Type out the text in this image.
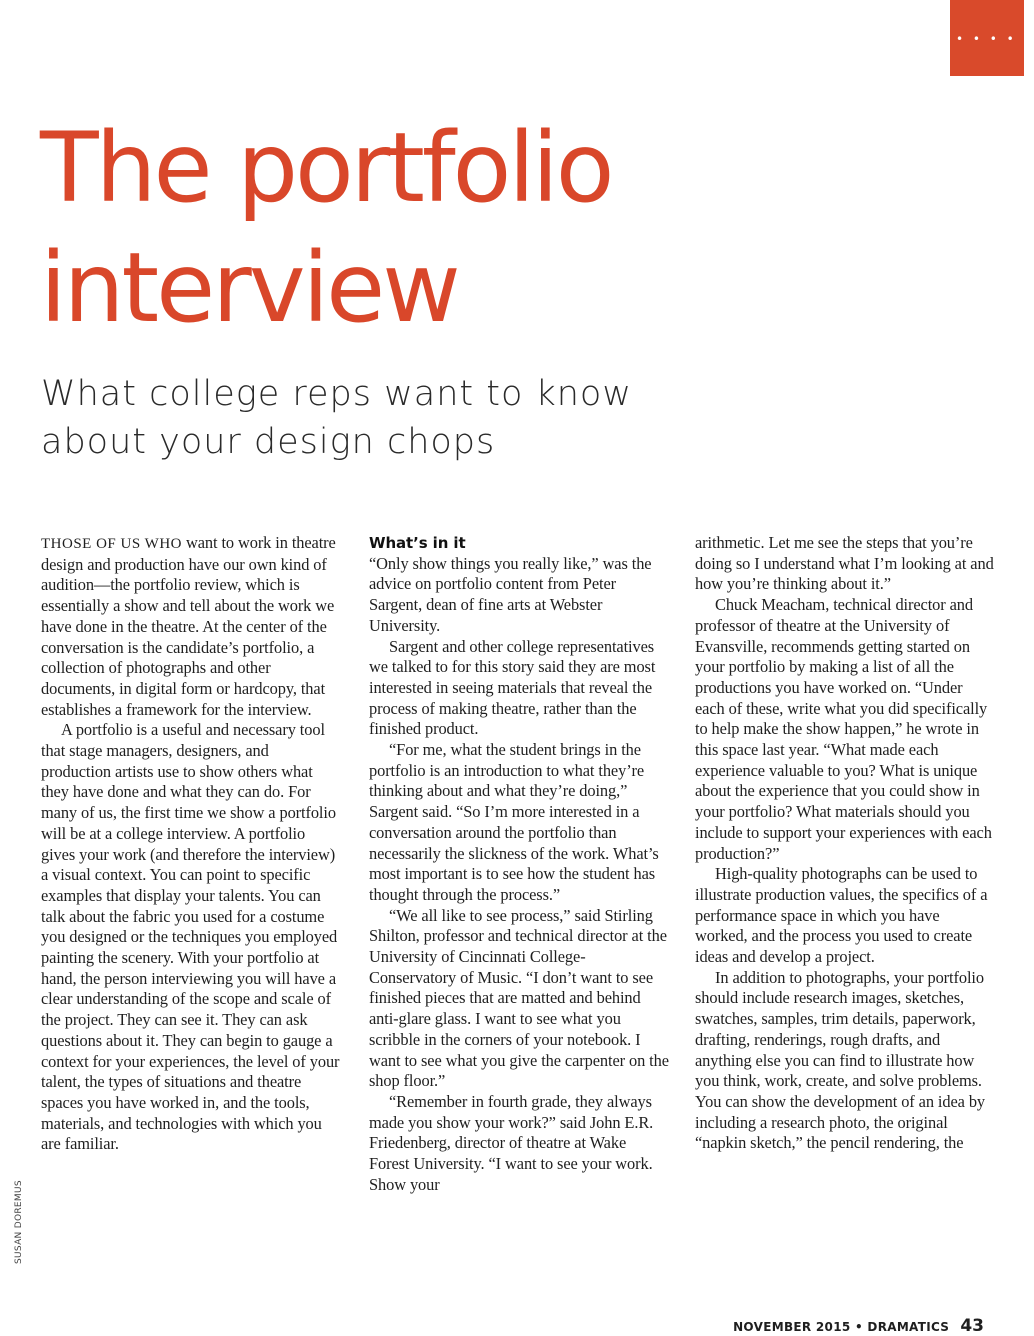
• • • • •
The portfolio
interview
What college reps want to know
about your design chops

THOSE OF US WHO want to work in theatre design and production have our own kind of audition—the portfolio review, which is essentially a show and tell about the work we have done in the theatre. At the center of the conversation is the candidate’s portfolio, a collection of photographs and other documents, in digital form or hardcopy, that establishes a framework for the interview.

A portfolio is a useful and necessary tool that stage managers, designers, and production artists use to show others what they have done and what they can do. For many of us, the first time we show a portfolio will be at a college interview. A portfolio gives your work (and therefore the interview) a visual context. You can point to specific examples that display your talents. You can talk about the fabric you used for a costume you designed or the techniques you employed painting the scenery. With your portfolio at hand, the person interviewing you will have a clear understanding of the scope and scale of the project. They can see it. They can ask questions about it. They can begin to gauge a context for your experiences, the level of your talent, the types of situations and theatre spaces you have worked in, and the tools, materials, and technologies with which you are familiar.

What’s in it

“Only show things you really like,” was the advice on portfolio content from Peter Sargent, dean of fine arts at Webster University.

Sargent and other college representatives we talked to for this story said they are most interested in seeing materials that reveal the process of making theatre, rather than the finished product.

“For me, what the student brings in the portfolio is an introduction to what they’re thinking about and what they’re doing,” Sargent said. “So I’m more interested in a conversation around the portfolio than necessarily the slickness of the work. What’s most important is to see how the student has thought through the process.”

“We all like to see process,” said Stirling Shilton, professor and technical director at the University of Cincinnati College-Conservatory of Music. “I don’t want to see finished pieces that are matted and behind anti-glare glass. I want to see what you scribble in the corners of your notebook. I want to see what you give the carpenter on the shop floor.”

“Remember in fourth grade, they always made you show your work?” said John E.R. Friedenberg, director of theatre at Wake Forest University. “I want to see your work. Show your

arithmetic. Let me see the steps that you’re doing so I understand what I’m looking at and how you’re thinking about it.”

Chuck Meacham, technical director and professor of theatre at the University of Evansville, recommends getting started on your portfolio by making a list of all the productions you have worked on. “Under each of these, write what you did specifically to help make the show happen,” he wrote in this space last year. “What made each experience valuable to you? What is unique about the experience that you could show in your portfolio? What materials should you include to support your experiences with each production?”

High-quality photographs can be used to illustrate production values, the specifics of a performance space in which you have worked, and the process you used to create ideas and develop a project.

In addition to photographs, your portfolio should include research images, sketches, swatches, samples, trim details, paperwork, drafting, renderings, rough drafts, and anything else you can find to illustrate how you think, work, create, and solve problems. You can show the development of an idea by including a research photo, the original “napkin sketch,” the pencil rendering, the

SUSAN DOREMUS
NOVEMBER 2015 • DRAMATICS 43
